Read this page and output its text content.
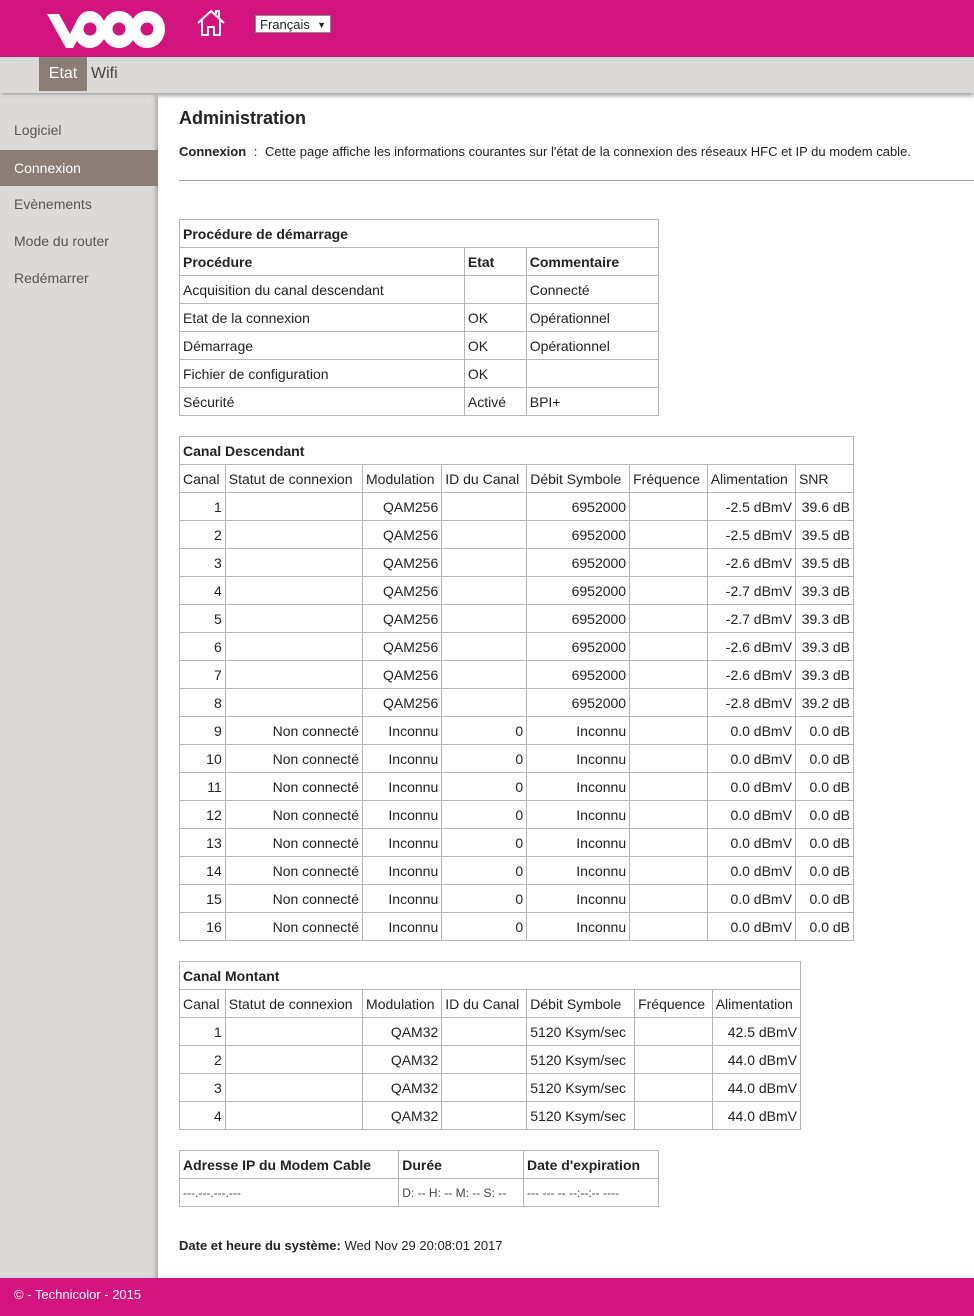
Français ▼
Etat Wifi
Logiciel
Connexion
Evènements
Mode du router
Redémarrer
Administration
Connexion : Cette page affiche les informations courantes sur l'état de la connexion des réseaux HFC et IP du modem cable.
Procédure de démarrage		
Procédure	Etat	Commentaire
Acquisition du canal descendant		Connecté
Etat de la connexion	OK	Opérationnel
Démarrage	OK	Opérationnel
Fichier de configuration	OK	
Sécurité	Activé	BPI+
Canal Descendant							
Canal	Statut de connexion	Modulation	ID du Canal	Débit Symbole	Fréquence	Alimentation	SNR
1		QAM256		6952000		-2.5 dBmV	39.6 dB
2		QAM256		6952000		-2.5 dBmV	39.5 dB
3		QAM256		6952000		-2.6 dBmV	39.5 dB
4		QAM256		6952000		-2.7 dBmV	39.3 dB
5		QAM256		6952000		-2.7 dBmV	39.3 dB
6		QAM256		6952000		-2.6 dBmV	39.3 dB
7		QAM256		6952000		-2.6 dBmV	39.3 dB
8		QAM256		6952000		-2.8 dBmV	39.2 dB
9	Non connecté	Inconnu	0	Inconnu		0.0 dBmV	0.0 dB
10	Non connecté	Inconnu	0	Inconnu		0.0 dBmV	0.0 dB
11	Non connecté	Inconnu	0	Inconnu		0.0 dBmV	0.0 dB
12	Non connecté	Inconnu	0	Inconnu		0.0 dBmV	0.0 dB
13	Non connecté	Inconnu	0	Inconnu		0.0 dBmV	0.0 dB
14	Non connecté	Inconnu	0	Inconnu		0.0 dBmV	0.0 dB
15	Non connecté	Inconnu	0	Inconnu		0.0 dBmV	0.0 dB
16	Non connecté	Inconnu	0	Inconnu		0.0 dBmV	0.0 dB
Canal Montant						
Canal	Statut de connexion	Modulation	ID du Canal	Débit Symbole	Fréquence	Alimentation
1		QAM32		5120 Ksym/sec		42.5 dBmV
2		QAM32		5120 Ksym/sec		44.0 dBmV
3		QAM32		5120 Ksym/sec		44.0 dBmV
4		QAM32		5120 Ksym/sec		44.0 dBmV
Adresse IP du Modem Cable	Durée	Date d'expiration
---.---.---.---	D: -- H: -- M: -- S: --	--- --- -- --:--:-- ----
Date et heure du système: Wed Nov 29 20:08:01 2017
© - Technicolor - 2015
